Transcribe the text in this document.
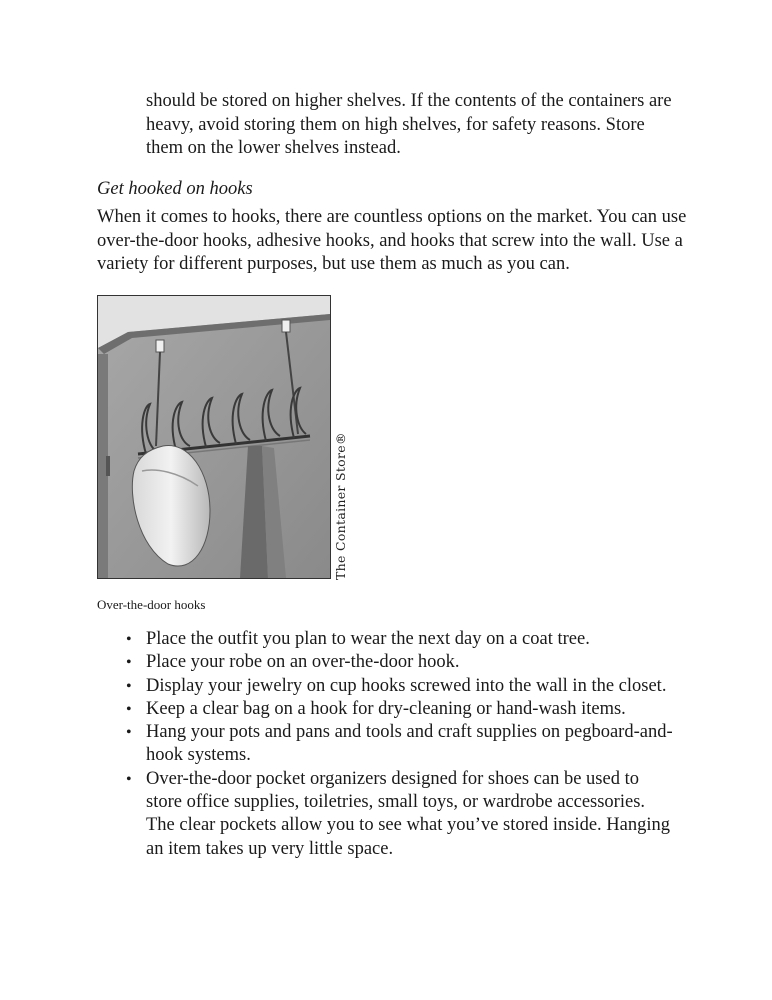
should be stored on higher shelves. If the contents of the containers are heavy, avoid storing them on high shelves, for safety reasons. Store them on the lower shelves instead.

Get hooked on hooks

When it comes to hooks, there are countless options on the market. You can use over-the-door hooks, adhesive hooks, and hooks that screw into the wall. Use a variety for different purposes, but use them as much as you can.

The Container Store®

Over-the-door hooks

• Place the outfit you plan to wear the next day on a coat tree.
• Place your robe on an over-the-door hook.
• Display your jewelry on cup hooks screwed into the wall in the closet.
• Keep a clear bag on a hook for dry-cleaning or hand-wash items.
• Hang your pots and pans and tools and craft supplies on pegboard-and-hook systems.
• Over-the-door pocket organizers designed for shoes can be used to store office supplies, toiletries, small toys, or wardrobe accessories. The clear pockets allow you to see what you’ve stored inside. Hanging an item takes up very little space.
